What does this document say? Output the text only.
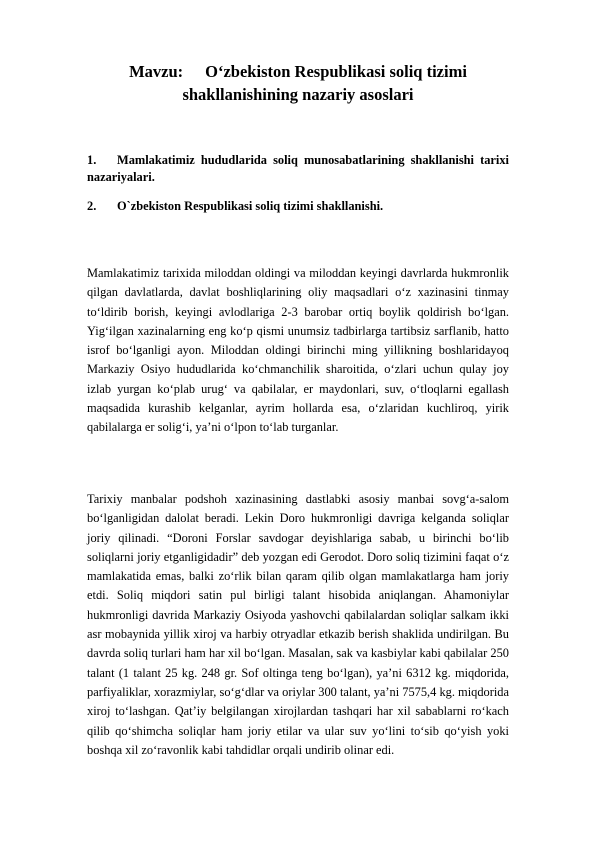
Mavzu: O‘zbekiston Respublikasi soliq tizimi
shakllanishining nazariy asoslari
1. Mamlakatimiz hududlarida soliq munosabatlarining shakllanishi tarixi nazariyalari.
2. O`zbekiston Respublikasi soliq tizimi shakllanishi.

Mamlakatimiz tarixida miloddan oldingi va miloddan keyingi davrlarda hukmronlik qilgan davlatlarda, davlat boshliqlarining oliy maqsadlari o‘z xazinasini tinmay to‘ldirib borish, keyingi avlodlariga 2-3 barobar ortiq boylik qoldirish bo‘lgan. Yig‘ilgan xazinalarning eng ko‘p qismi unumsiz tadbirlarga tartibsiz sarflanib, hatto isrof bo‘lganligi ayon. Miloddan oldingi birinchi ming yillikning boshlaridayoq Markaziy Osiyo hududlarida ko‘chmanchilik sharoitida, o‘zlari uchun qulay joy izlab yurgan ko‘plab urug‘ va qabilalar, er maydonlari, suv, o‘tloqlarni egallash maqsadida kurashib kelganlar, ayrim hollarda esa, o‘zlaridan kuchliroq, yirik qabilalarga er solig‘i, ya’ni o‘lpon to‘lab turganlar.

Tarixiy manbalar podshoh xazinasining dastlabki asosiy manbai sovg‘a-salom bo‘lganligidan dalolat beradi. Lekin Doro hukmronligi davriga kelganda soliqlar joriy qilinadi. “Doroni Forslar savdogar deyishlariga sabab, u birinchi bo‘lib soliqlarni joriy etganligidadir” deb yozgan edi Gerodot. Doro soliq tizimini faqat o‘z mamlakatida emas, balki zo‘rlik bilan qaram qilib olgan mamlakatlarga ham joriy etdi. Soliq miqdori satin pul birligi talant hisobida aniqlangan. Ahamoniylar hukmronligi davrida Markaziy Osiyoda yashovchi qabilalardan soliqlar salkam ikki asr mobaynida yillik xiroj va harbiy otryadlar etkazib berish shaklida undirilgan. Bu davrda soliq turlari ham har xil bo‘lgan. Masalan, sak va kasbiylar kabi qabilalar 250 talant (1 talant 25 kg. 248 gr. Sof oltinga teng bo‘lgan), ya’ni 6312 kg. miqdorida, parfiyaliklar, xorazmiylar, so‘g‘dlar va oriylar 300 talant, ya’ni 7575,4 kg. miqdorida xiroj to‘lashgan. Qat’iy belgilangan xirojlardan tashqari har xil sabablarni ro‘kach qilib qo‘shimcha soliqlar ham joriy etilar va ular suv yo‘lini to‘sib qo‘yish yoki boshqa xil zo‘ravonlik kabi tahdidlar orqali undirib olinar edi.
